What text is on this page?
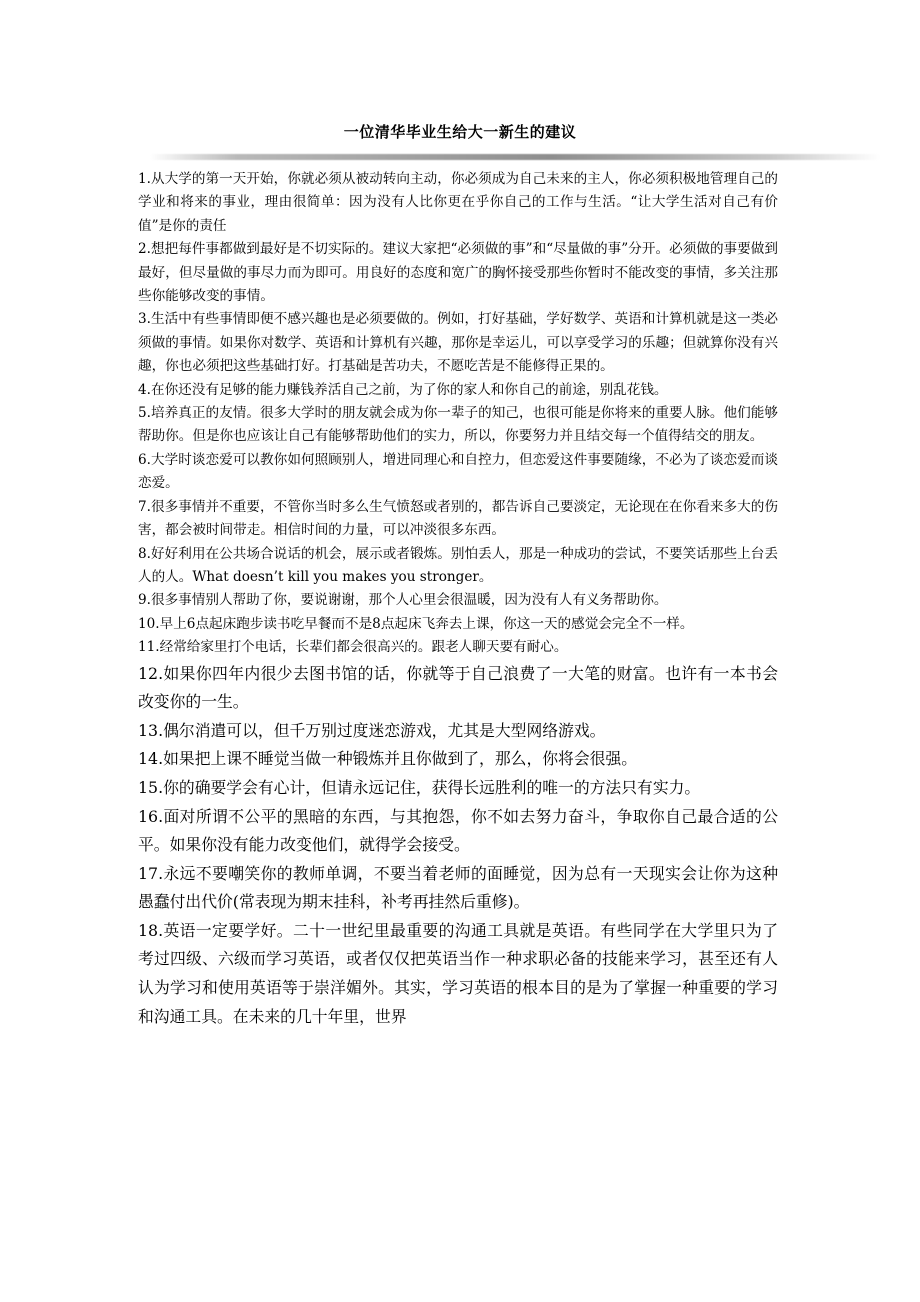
一位清华毕业生给大一新生的建议

1.从大学的第一天开始，你就必须从被动转向主动，你必须成为自己未来的主人，你必须积极地管理自己的学业和将来的事业，理由很简单：因为没有人比你更在乎你自己的工作与生活。“让大学生活对自己有价值”是你的责任

2.想把每件事都做到最好是不切实际的。建议大家把“必须做的事”和“尽量做的事”分开。必须做的事要做到最好，但尽量做的事尽力而为即可。用良好的态度和宽广的胸怀接受那些你暂时不能改变的事情，多关注那些你能够改变的事情。

3.生活中有些事情即便不感兴趣也是必须要做的。例如，打好基础，学好数学、英语和计算机就是这一类必须做的事情。如果你对数学、英语和计算机有兴趣，那你是幸运儿，可以享受学习的乐趣；但就算你没有兴趣，你也必须把这些基础打好。打基础是苦功夫，不愿吃苦是不能修得正果的。

4.在你还没有足够的能力赚钱养活自己之前，为了你的家人和你自己的前途，别乱花钱。

5.培养真正的友情。很多大学时的朋友就会成为你一辈子的知己，也很可能是你将来的重要人脉。他们能够帮助你。但是你也应该让自己有能够帮助他们的实力，所以，你要努力并且结交每一个值得结交的朋友。

6.大学时谈恋爱可以教你如何照顾别人，增进同理心和自控力，但恋爱这件事要随缘，不必为了谈恋爱而谈恋爱。

7.很多事情并不重要，不管你当时多么生气愤怒或者别的，都告诉自己要淡定，无论现在在你看来多大的伤害，都会被时间带走。相信时间的力量，可以冲淡很多东西。

8.好好利用在公共场合说话的机会，展示或者锻炼。别怕丢人，那是一种成功的尝试，不要笑话那些上台丢人的人。What doesn’t kill you makes you stronger。

9.很多事情别人帮助了你，要说谢谢，那个人心里会很温暖，因为没有人有义务帮助你。

10.早上6点起床跑步读书吃早餐而不是8点起床飞奔去上课，你这一天的感觉会完全不一样。

11.经常给家里打个电话，长辈们都会很高兴的。跟老人聊天要有耐心。

12.如果你四年内很少去图书馆的话，你就等于自己浪费了一大笔的财富。也许有一本书会改变你的一生。

13.偶尔消遣可以，但千万别过度迷恋游戏，尤其是大型网络游戏。

14.如果把上课不睡觉当做一种锻炼并且你做到了，那么，你将会很强。

15.你的确要学会有心计，但请永远记住，获得长远胜利的唯一的方法只有实力。

16.面对所谓不公平的黑暗的东西，与其抱怨，你不如去努力奋斗，争取你自己最合适的公平。如果你没有能力改变他们，就得学会接受。

17.永远不要嘲笑你的教师单调，不要当着老师的面睡觉，因为总有一天现实会让你为这种愚蠢付出代价(常表现为期末挂科，补考再挂然后重修)。

18.英语一定要学好。二十一世纪里最重要的沟通工具就是英语。有些同学在大学里只为了考过四级、六级而学习英语，或者仅仅把英语当作一种求职必备的技能来学习，甚至还有人认为学习和使用英语等于崇洋媚外。其实，学习英语的根本目的是为了掌握一种重要的学习和沟通工具。在未来的几十年里，世界
